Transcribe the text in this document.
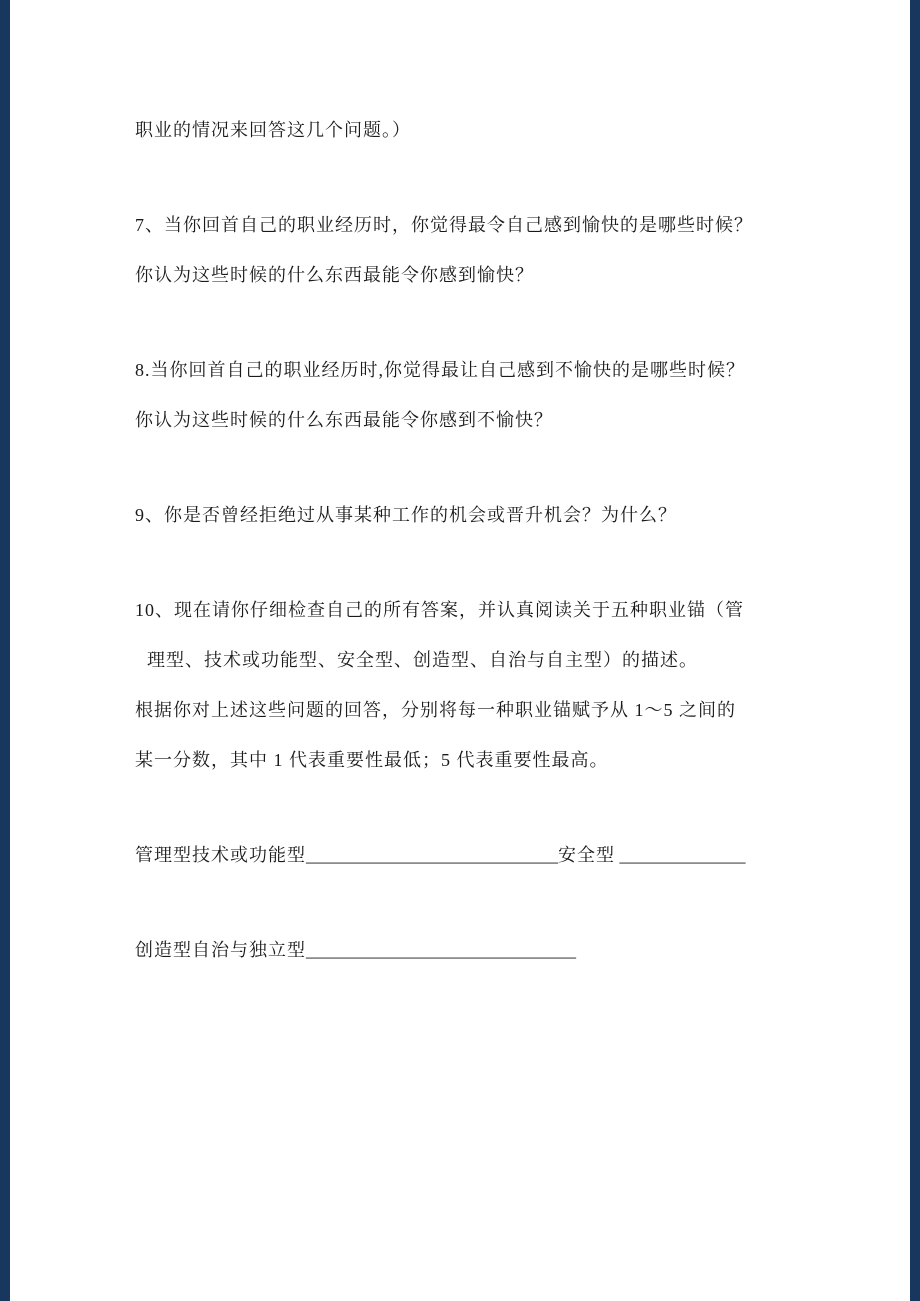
职业的情况来回答这几个问题。）

7、当你回首自己的职业经历时，你觉得最令自己感到愉快的是哪些时候？

你认为这些时候的什么东西最能令你感到愉快？

8.当你回首自己的职业经历时,你觉得最让自己感到不愉快的是哪些时候？

你认为这些时候的什么东西最能令你感到不愉快？

9、你是否曾经拒绝过从事某种工作的机会或晋升机会？为什么？

10、现在请你仔细检查自己的所有答案，并认真阅读关于五种职业锚（管

理型、技术或功能型、安全型、创造型、自治与自主型）的描述。

根据你对上述这些问题的回答，分别将每一种职业锚赋予从 1～5 之间的

某一分数，其中 1 代表重要性最低；5 代表重要性最高。

管理型技术或功能型____________________________安全型 ______________

创造型自治与独立型______________________________
